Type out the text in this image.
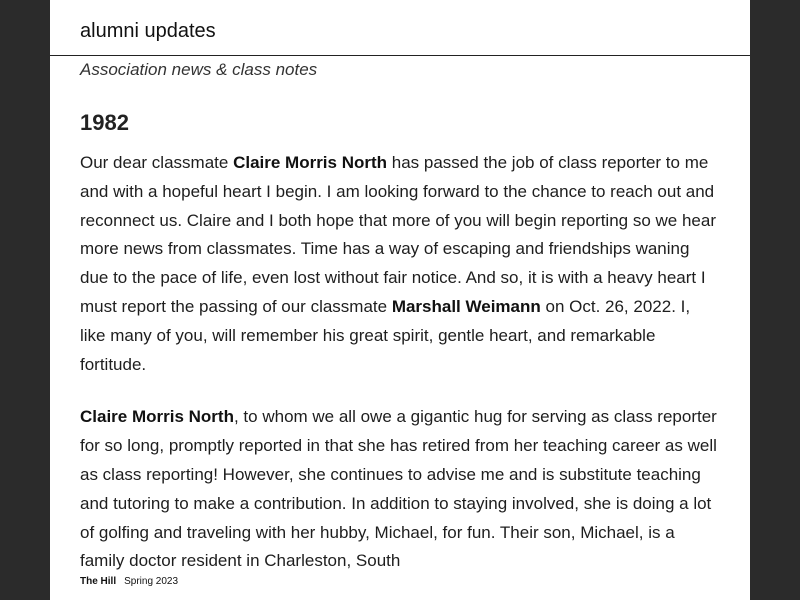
alumni updates
Association news & class notes
1982

Our dear classmate Claire Morris North has passed the job of class reporter to me and with a hopeful heart I begin. I am looking forward to the chance to reach out and reconnect us. Claire and I both hope that more of you will begin reporting so we hear more news from classmates. Time has a way of escaping and friendships waning due to the pace of life, even lost without fair notice. And so, it is with a heavy heart I must report the passing of our classmate Marshall Weimann on Oct. 26, 2022. I, like many of you, will remember his great spirit, gentle heart, and remarkable fortitude.

Claire Morris North, to whom we all owe a gigantic hug for serving as class reporter for so long, promptly reported in that she has retired from her teaching career as well as class reporting! However, she continues to advise me and is substitute teaching and tutoring to make a contribution. In addition to staying involved, she is doing a lot of golfing and traveling with her hubby, Michael, for fun. Their son, Michael, is a family doctor resident in Charleston, South

The Hill Spring 2023
